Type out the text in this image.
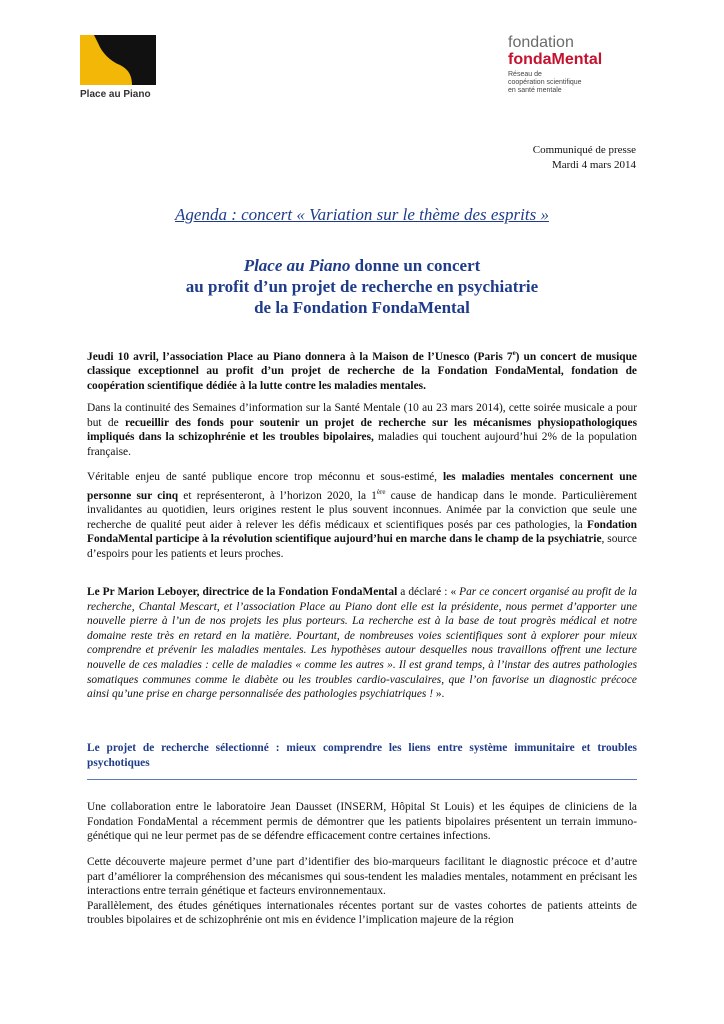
Place au Piano
fondation
fondaMental
Réseau de
coopération scientifique
en santé mentale
Communiqué de presse
Mardi 4 mars 2014
Agenda : concert « Variation sur le thème des esprits »
Place au Piano donne un concert
au profit d’un projet de recherche en psychiatrie
de la Fondation FondaMental
Jeudi 10 avril, l’association Place au Piano donnera à la Maison de l’Unesco (Paris 7e) un concert de musique classique exceptionnel au profit d’un projet de recherche de la Fondation FondaMental, fondation de coopération scientifique dédiée à la lutte contre les maladies mentales.
Dans la continuité des Semaines d’information sur la Santé Mentale (10 au 23 mars 2014), cette soirée musicale a pour but de recueillir des fonds pour soutenir un projet de recherche sur les mécanismes physiopathologiques impliqués dans la schizophrénie et les troubles bipolaires, maladies qui touchent aujourd’hui 2% de la population française.
Véritable enjeu de santé publique encore trop méconnu et sous-estimé, les maladies mentales concernent une personne sur cinq et représenteront, à l’horizon 2020, la 1ère cause de handicap dans le monde. Particulièrement invalidantes au quotidien, leurs origines restent le plus souvent inconnues. Animée par la conviction que seule une recherche de qualité peut aider à relever les défis médicaux et scientifiques posés par ces pathologies, la Fondation FondaMental participe à la révolution scientifique aujourd’hui en marche dans le champ de la psychiatrie, source d’espoirs pour les patients et leurs proches.
Le Pr Marion Leboyer, directrice de la Fondation FondaMental a déclaré : « Par ce concert organisé au profit de la recherche, Chantal Mescart, et l’association Place au Piano dont elle est la présidente, nous permet d’apporter une nouvelle pierre à l’un de nos projets les plus porteurs. La recherche est à la base de tout progrès médical et notre domaine reste très en retard en la matière. Pourtant, de nombreuses voies scientifiques sont à explorer pour mieux comprendre et prévenir les maladies mentales. Les hypothèses autour desquelles nous travaillons offrent une lecture nouvelle de ces maladies : celle de maladies « comme les autres ». Il est grand temps, à l’instar des autres pathologies somatiques communes comme le diabète ou les troubles cardio-vasculaires, que l’on favorise un diagnostic précoce ainsi qu’une prise en charge personnalisée des pathologies psychiatriques ! ».
Le projet de recherche sélectionné : mieux comprendre les liens entre système immunitaire et troubles psychotiques
Une collaboration entre le laboratoire Jean Dausset (INSERM, Hôpital St Louis) et les équipes de cliniciens de la Fondation FondaMental a récemment permis de démontrer que les patients bipolaires présentent un terrain immuno-génétique qui ne leur permet pas de se défendre efficacement contre certaines infections.
Cette découverte majeure permet d’une part d’identifier des bio-marqueurs facilitant le diagnostic précoce et d’autre part d’améliorer la compréhension des mécanismes qui sous-tendent les maladies mentales, notamment en précisant les interactions entre terrain génétique et facteurs environnementaux.
Parallèlement, des études génétiques internationales récentes portant sur de vastes cohortes de patients atteints de troubles bipolaires et de schizophrénie ont mis en évidence l’implication majeure de la région
